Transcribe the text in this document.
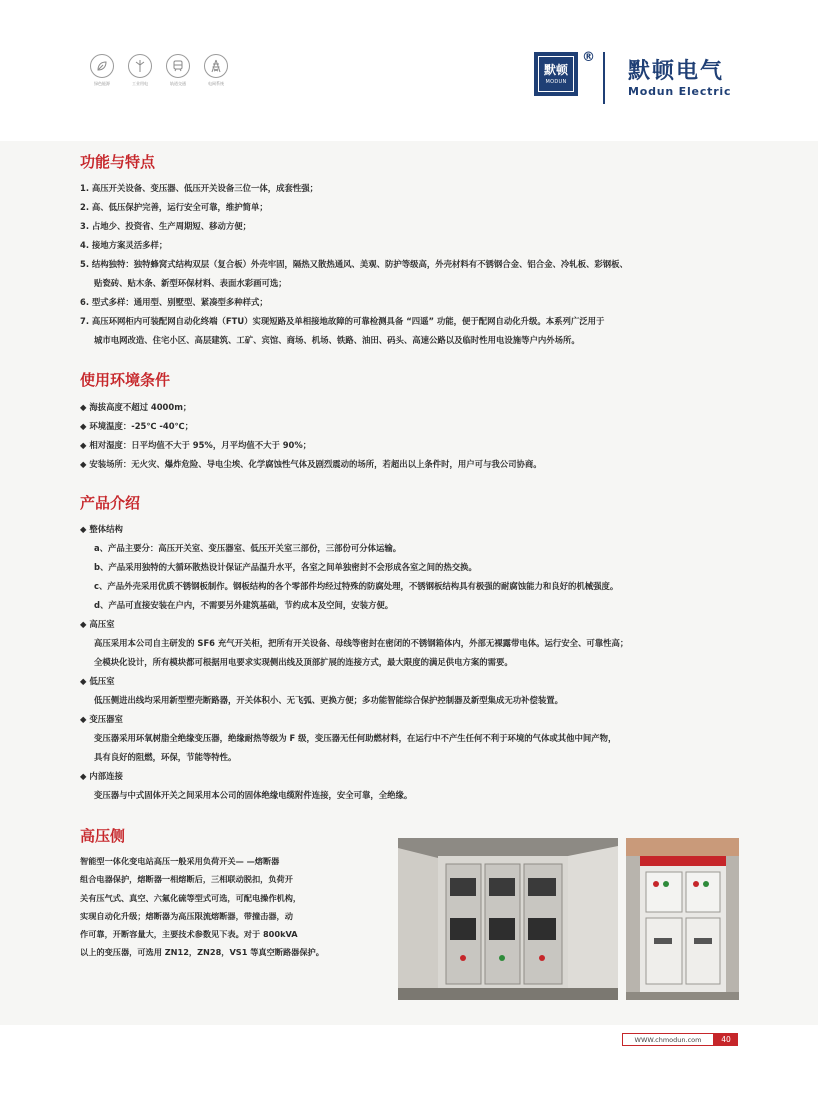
绿色能源	工业用电	轨道交通	电网系统
默顿
MODUN
®
默顿电气
Modun Electric
功能与特点
1. 高压开关设备、变压器、低压开关设备三位一体，成套性强；
2. 高、低压保护完善，运行安全可靠，维护简单；
3. 占地少、投资省、生产周期短、移动方便；
4. 接地方案灵活多样；
5. 结构独特：独特蜂窝式结构双层（复合板）外壳牢固，隔热又散热通风、美观、防护等级高，外壳材料有不锈钢合金、铝合金、冷轧板、彩钢板、
贴瓷砖、贴木条、新型环保材料、表面水彩画可选；
6. 型式多样：通用型、别墅型、紧凑型多种样式；
7. 高压环网柜内可装配网自动化终端（FTU）实现短路及单相接地故障的可靠检测具备 “四遥” 功能，便于配网自动化升级。本系列广泛用于
城市电网改造、住宅小区、高层建筑、工矿、宾馆、商场、机场、铁路、油田、码头、高速公路以及临时性用电设施等户内外场所。
使用环境条件
◆ 海拔高度不超过 4000m；
◆ 环境温度：-25℃ -40℃；
◆ 相对湿度：日平均值不大于 95%，月平均值不大于 90%；
◆ 安装场所：无火灾、爆炸危险、导电尘埃、化学腐蚀性气体及剧烈震动的场所，若超出以上条件时，用户可与我公司协商。
产品介绍
◆ 整体结构
a、产品主要分：高压开关室、变压器室、低压开关室三部份，三部份可分体运输。
b、产品采用独特的大循环散热设计保证产品温升水平，各室之间单独密封不会形成各室之间的热交换。
c、产品外壳采用优质不锈钢板制作。钢板结构的各个零部件均经过特殊的防腐处理，不锈钢板结构具有极强的耐腐蚀能力和良好的机械强度。
d、产品可直接安装在户内，不需要另外建筑基础，节约成本及空间，安装方便。
◆ 高压室
高压采用本公司自主研发的 SF6 充气开关柜，把所有开关设备、母线等密封在密闭的不锈钢箱体内，外部无裸露带电体。运行安全、可靠性高；
全模块化设计，所有模块都可根据用电要求实现侧出线及顶部扩展的连接方式，最大限度的满足供电方案的需要。
◆ 低压室
低压侧进出线均采用新型塑壳断路器，开关体积小、无飞弧、更换方便；多功能智能综合保护控制器及新型集成无功补偿装置。
◆ 变压器室
变压器采用环氧树脂全绝缘变压器，绝缘耐热等级为 F 级，变压器无任何助燃材料，在运行中不产生任何不利于环境的气体或其他中间产物，
具有良好的阻燃，环保，节能等特性。
◆ 内部连接
变压器与中式固体开关之间采用本公司的固体绝缘电缆附件连接，安全可靠，全绝缘。
高压侧
智能型一体化变电站高压一般采用负荷开关— —熔断器
组合电器保护，熔断器一相熔断后，三相联动脱扣，负荷开
关有压气式、真空、六氟化硫等型式可选，可配电操作机构，
实现自动化升级；熔断器为高压限流熔断器，带撞击器，动
作可靠，开断容量大，主要技术参数见下表。对于 800kVA
以上的变压器，可选用 ZN12，ZN28，VS1 等真空断路器保护。
WWW.chmodun.com	40
